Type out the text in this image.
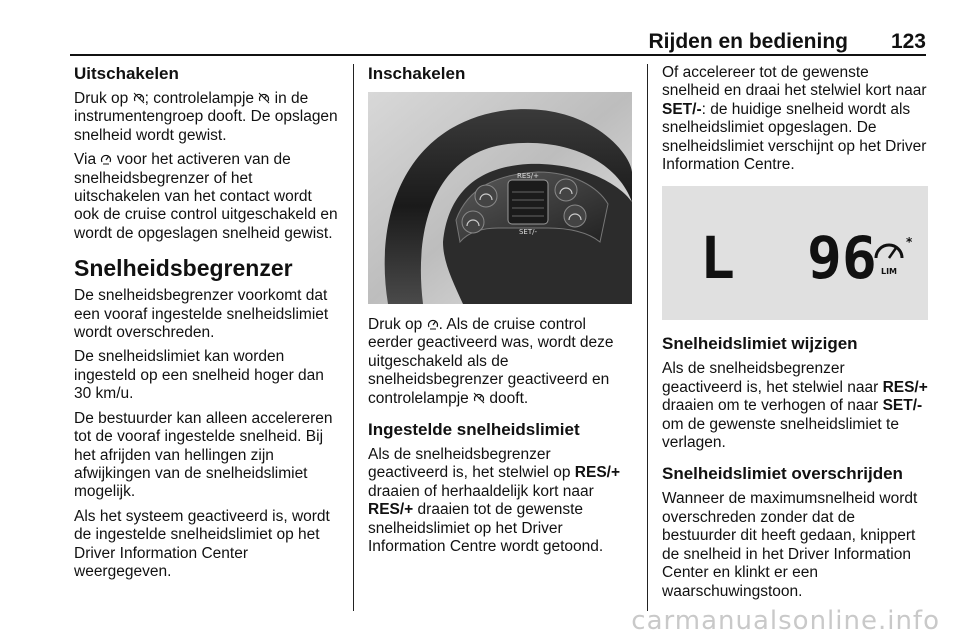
Rijden en bediening 123
Uitschakelen

Druk op
; controlelampje
in de instrumentengroep dooft. De opslagen snelheid wordt gewist.

Via
voor het activeren van de snelheidsbegrenzer of het uitschakelen van het contact wordt ook de cruise control uitgeschakeld en wordt de opgeslagen snelheid gewist.

Snelheidsbegrenzer

De snelheidsbegrenzer voorkomt dat een vooraf ingestelde snelheidslimiet wordt overschreden.

De snelheidslimiet kan worden ingesteld op een snelheid hoger dan 30 km/u.

De bestuurder kan alleen accelereren tot de vooraf ingestelde snelheid. Bij het afrijden van hellingen zijn afwijkingen van de snelheidslimiet mogelijk.

Als het systeem geactiveerd is, wordt de ingestelde snelheidslimiet op het Driver Information Center weergegeven.

Inschakelen
RES/+
SET/-

Druk op
. Als de cruise control eerder geactiveerd was, wordt deze uitgeschakeld als de snelheidsbegrenzer geactiveerd en controlelampje
dooft.

Ingestelde snelheidslimiet

Als de snelheidsbegrenzer geactiveerd is, het stelwiel op RES/+ draaien of herhaaldelijk kort naar RES/+ draaien tot de gewenste snelheidslimiet op het Driver Information Centre wordt getoond.

Of accelereer tot de gewenste snelheid en draai het stelwiel kort naar SET/-: de huidige snelheid wordt als snelheidslimiet opgeslagen. De snelheidslimiet verschijnt op het Driver Information Centre.

L 96 *
LIM
Snelheidslimiet wijzigen

Als de snelheidsbegrenzer geactiveerd is, het stelwiel naar RES/+ draaien om te verhogen of naar SET/- om de gewenste snelheidslimiet te verlagen.

Snelheidslimiet overschrijden

Wanneer de maximumsnelheid wordt overschreden zonder dat de bestuurder dit heeft gedaan, knippert de snelheid in het Driver Information Center en klinkt er een waarschuwingstoon.

carmanualsonline.info
